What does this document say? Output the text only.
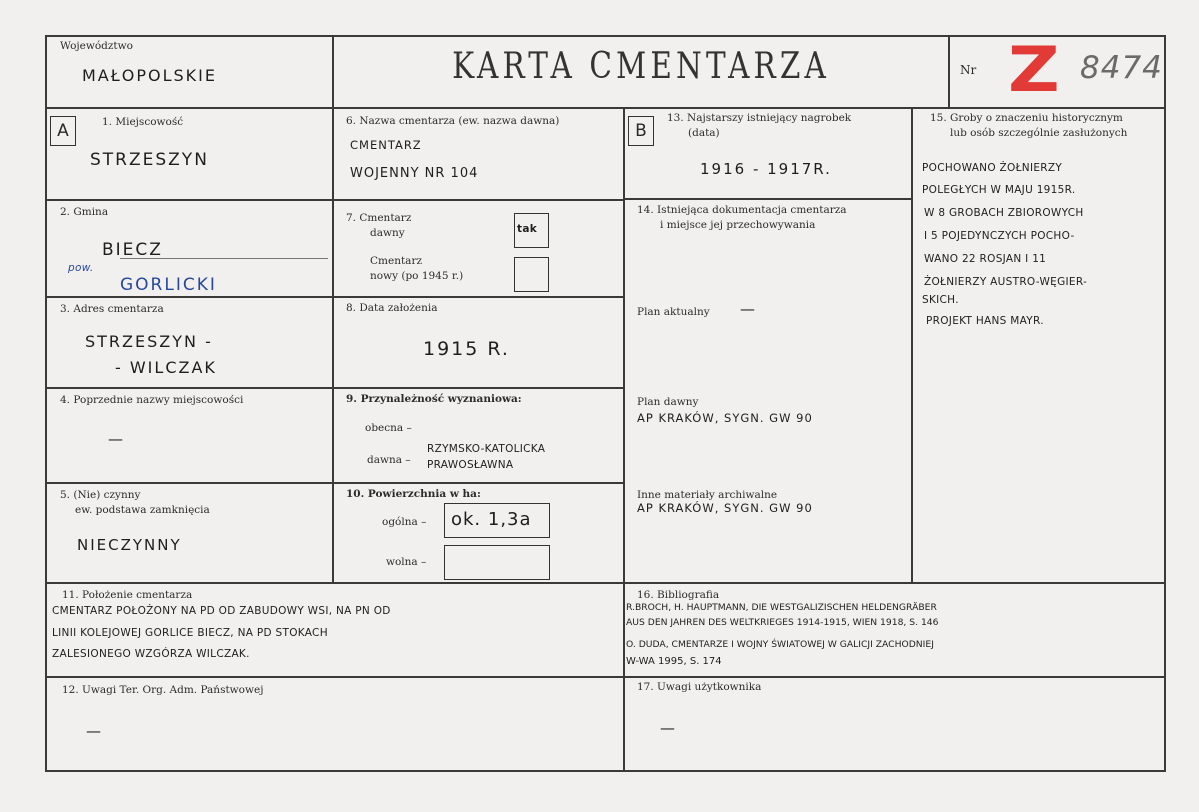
Województwo
MAŁOPOLSKIE	KARTA CMENTARZA	Nr Z 8474
A	1. Miejscowość
STRZESZYN
2. Gmina
BIECZ
pow.
GORLICKI
3. Adres cmentarza
STRZESZYN -
- WILCZAK
4. Poprzednie nazwy miejscowości
—
5. (Nie) czynny
ew. podstawa zamknięcia
NIECZYNNY
6. Nazwa cmentarza (ew. nazwa dawna)
CMENTARZ
WOJENNY NR 104
7. Cmentarz
dawny	tak
Cmentarz
nowy (po 1945 r.)
8. Data założenia
1915 R.
9. Przynależność wyznaniowa:
obecna –
dawna –
RZYMSKO-KATOLICKA
PRAWOSŁAWNA
10. Powierzchnia w ha:
ogólna – ok. 1,3a
wolna –
B
13. Najstarszy istniejący nagrobek
(data)
1916 - 1917R.
14. Istniejąca dokumentacja cmentarza
i miejsce jej przechowywania
Plan aktualny —
Plan dawny
AP KRAKÓW, SYGN. GW 90
Inne materiały archiwalne
AP KRAKÓW, SYGN. GW 90
15. Groby o znaczeniu historycznym
lub osób szczególnie zasłużonych
POCHOWANO ŻOŁNIERZY
POLEGŁYCH W MAJU 1915R.
W 8 GROBACH ZBIOROWYCH
I 5 POJEDYNCZYCH POCHO-
WANO 22 ROSJAN I 11
ŻOŁNIERZY AUSTRO-WĘGIER-
SKICH.
PROJEKT HANS MAYR.
11. Położenie cmentarza
CMENTARZ POŁOŻONY NA PD OD ZABUDOWY WSI, NA PN OD
LINII KOLEJOWEJ GORLICE BIECZ, NA PD STOKACH
ZALESIONEGO WZGÓRZA WILCZAK.
16. Bibliografia
R.BROCH, H. HAUPTMANN, DIE WESTGALIZISCHEN HELDENGRÄBER
AUS DEN JAHREN DES WELTKRIEGES 1914-1915, WIEN 1918, S. 146
O. DUDA, CMENTARZE I WOJNY ŚWIATOWEJ W GALICJI ZACHODNIEJ
W-WA 1995, S. 174
12. Uwagi Ter. Org. Adm. Państwowej
—
17. Uwagi użytkownika
—
